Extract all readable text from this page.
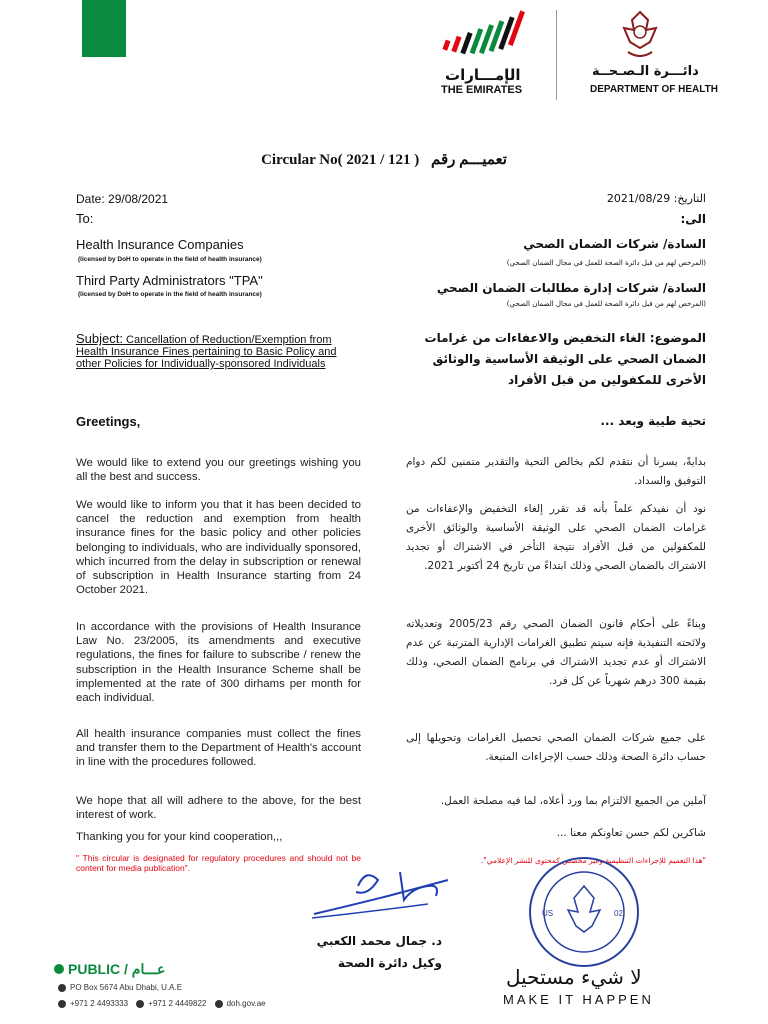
الإمـــارات
THE EMIRATES
دائـــرة الـصـحــة
DEPARTMENT OF HEALTH
Circular No( 2021 / 121 ) تعميـــم رقم
Date: 29/08/2021
To:
التاريخ: 2021/08/29
الى:
Health Insurance Companies
(licensed by DoH to operate in the field of health insurance)
Third Party Administrators "TPA"
(licensed by DoH to operate in the field of health insurance)
السادة/ شركات الضمان الصحي
(المرخص لهم من قبل دائرة الصحة للعمل في مجال الضمان الصحي)
السادة/ شركات إدارة مطالبات الضمان الصحي
(المرخص لهم من قبل دائرة الصحة للعمل في مجال الضمان الصحي)
Subject: Cancellation of Reduction/Exemption from Health Insurance Fines pertaining to Basic Policy and other Policies for Individually-sponsored Individuals
الموضوع: الغاء التخفيض والاعفاءات من غرامات الضمان الصحي على الوثيقة الأساسية والوثائق الأخرى للمكفولين من قبل الأفراد
Greetings,	تحية طيبة وبعد ...
We would like to extend you our greetings wishing you all the best and success.
We would like to inform you that it has been decided to cancel the reduction and exemption from health insurance fines for the basic policy and other policies belonging to individuals, who are individually sponsored, which incurred from the delay in subscription or renewal of subscription in Health Insurance starting from 24 October 2021.
In accordance with the provisions of Health Insurance Law No. 23/2005, its amendments and executive regulations, the fines for failure to subscribe / renew the subscription in the Health Insurance Scheme shall be implemented at the rate of 300 dirhams per month for each individual.
All health insurance companies must collect the fines and transfer them to the Department of Health's account in line with the procedures followed.
We hope that all will adhere to the above, for the best interest of work.
Thanking you for your kind cooperation,,,
" This circular is designated for regulatory procedures and should not be content for media publication".
بدايةً، يسرنا أن نتقدم لكم بخالص التحية والتقدير متمنين لكم دوام التوفيق والسداد.
نود أن نفيدكم علماً بأنه قد تقرر إلغاء التخفيض والإعفاءات من غرامات الضمان الصحي على الوثيقة الأساسية والوثائق الأخرى للمكفولين من قبل الأفراد نتيجة التأخر في الاشتراك أو تجديد الاشتراك بالضمان الصحي وذلك ابتداءً من تاريخ 24 أكتوبر 2021.
وبناءً على أحكام قانون الضمان الصحي رقم 2005/23 وتعديلاته ولائحته التنفيذية فإنه سيتم تطبيق الغرامات الإدارية المترتبة عن عدم الاشتراك أو عدم تجديد الاشتراك في برنامج الضمان الصحي، وذلك بقيمة 300 درهم شهرياً عن كل فرد.
على جميع شركات الضمان الصحي تحصيل الغرامات وتحويلها إلى حساب دائرة الصحة وذلك حسب الإجراءات المتبعة.
آملين من الجميع الالتزام بما ورد أعلاه، لما فيه مصلحة العمل.
شاكرين لكم حسن تعاونكم معنا ...
"هذا التعميم للإجراءات التنظيمية وغير مخصص كمحتوى للنشر الإعلامي".
US	02
د. جمال محمد الكعبي
وكيل دائرة الصحة
PUBLIC / عـــام
PO Box 5674 Abu Dhabi, U.A.E
+971 2 4493333	+971 2 4449822	doh.gov.ae
لا شيء مستحيل
MAKE IT HAPPEN
